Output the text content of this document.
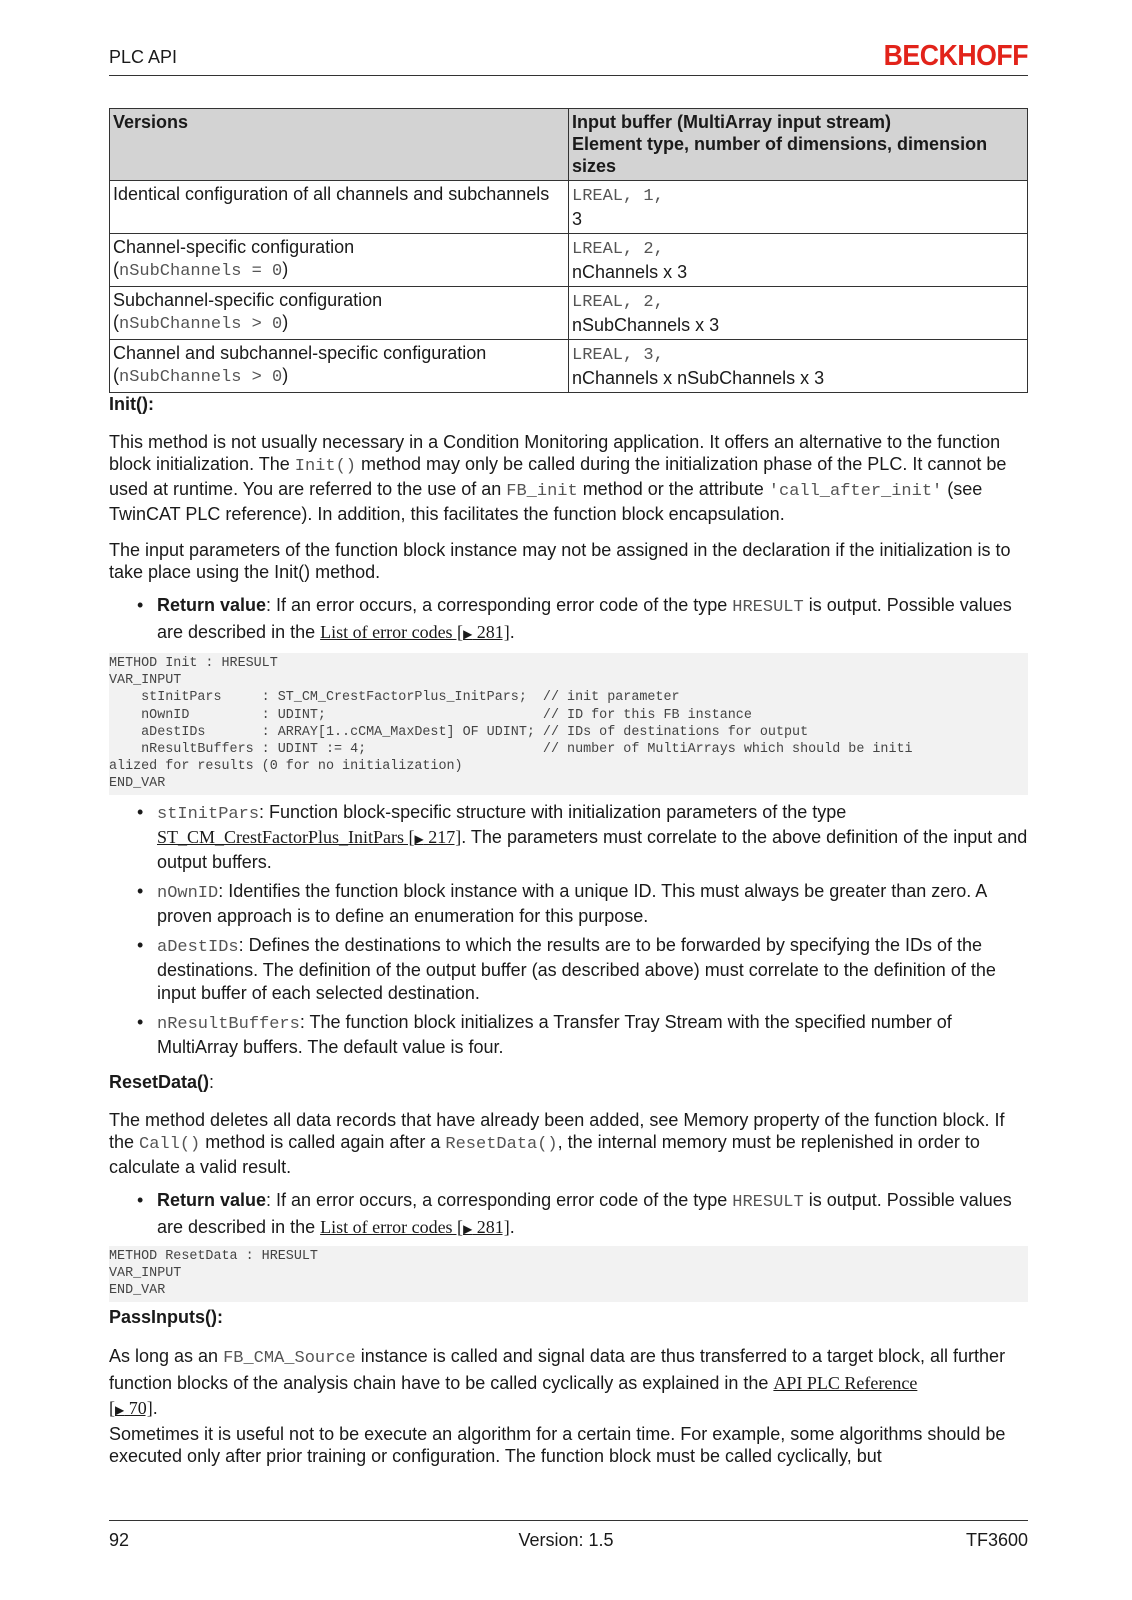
PLC API	BECKHOFF
Versions	Input buffer (MultiArray input stream)
Element type, number of dimensions, dimension sizes
Identical configuration of all channels and subchannels	LREAL, 1,
3
Channel-specific configuration
(nSubChannels = 0)	LREAL, 2,
nChannels x 3
Subchannel-specific configuration
(nSubChannels > 0)	LREAL, 2,
nSubChannels x 3
Channel and subchannel-specific configuration
(nSubChannels > 0)	LREAL, 3,
nChannels x nSubChannels x 3
Init():

This method is not usually necessary in a Condition Monitoring application. It offers an alternative to the function block initialization. The Init() method may only be called during the initialization phase of the PLC. It cannot be used at runtime. You are referred to the use of an FB_init method or the attribute 'call_after_init' (see TwinCAT PLC reference). In addition, this facilitates the function block encapsulation.

The input parameters of the function block instance may not be assigned in the declaration if the initialization is to take place using the Init() method.

• Return value: If an error occurs, a corresponding error code of the type HRESULT is output. Possible values are described in the List of error codes [▶ 281].
METHOD Init : HRESULT
VAR_INPUT
stInitPars     : ST_CM_CrestFactorPlus_InitPars;  // init parameter
nOwnID         : UDINT;                           // ID for this FB instance
aDestIDs       : ARRAY[1..cCMA_MaxDest] OF UDINT; // IDs of destinations for output
nResultBuffers : UDINT := 4;                      // number of MultiArrays which should be initi
alized for results (0 for no initialization)
END_VAR
• stInitPars: Function block-specific structure with initialization parameters of the type ST_CM_CrestFactorPlus_InitPars [▶ 217]. The parameters must correlate to the above definition of the input and output buffers.
• nOwnID: Identifies the function block instance with a unique ID. This must always be greater than zero. A proven approach is to define an enumeration for this purpose.
• aDestIDs: Defines the destinations to which the results are to be forwarded by specifying the IDs of the destinations. The definition of the output buffer (as described above) must correlate to the definition of the input buffer of each selected destination.
• nResultBuffers: The function block initializes a Transfer Tray Stream with the specified number of MultiArray buffers. The default value is four.
ResetData():

The method deletes all data records that have already been added, see Memory property of the function block. If the Call() method is called again after a ResetData(), the internal memory must be replenished in order to calculate a valid result.

• Return value: If an error occurs, a corresponding error code of the type HRESULT is output. Possible values are described in the List of error codes [▶ 281].
METHOD ResetData : HRESULT
VAR_INPUT
END_VAR
PassInputs():

As long as an FB_CMA_Source instance is called and signal data are thus transferred to a target block, all further function blocks of the analysis chain have to be called cyclically as explained in the API PLC Reference
[▶ 70].

Sometimes it is useful not to be execute an algorithm for a certain time. For example, some algorithms should be executed only after prior training or configuration. The function block must be called cyclically, but

92	Version: 1.5	TF3600
